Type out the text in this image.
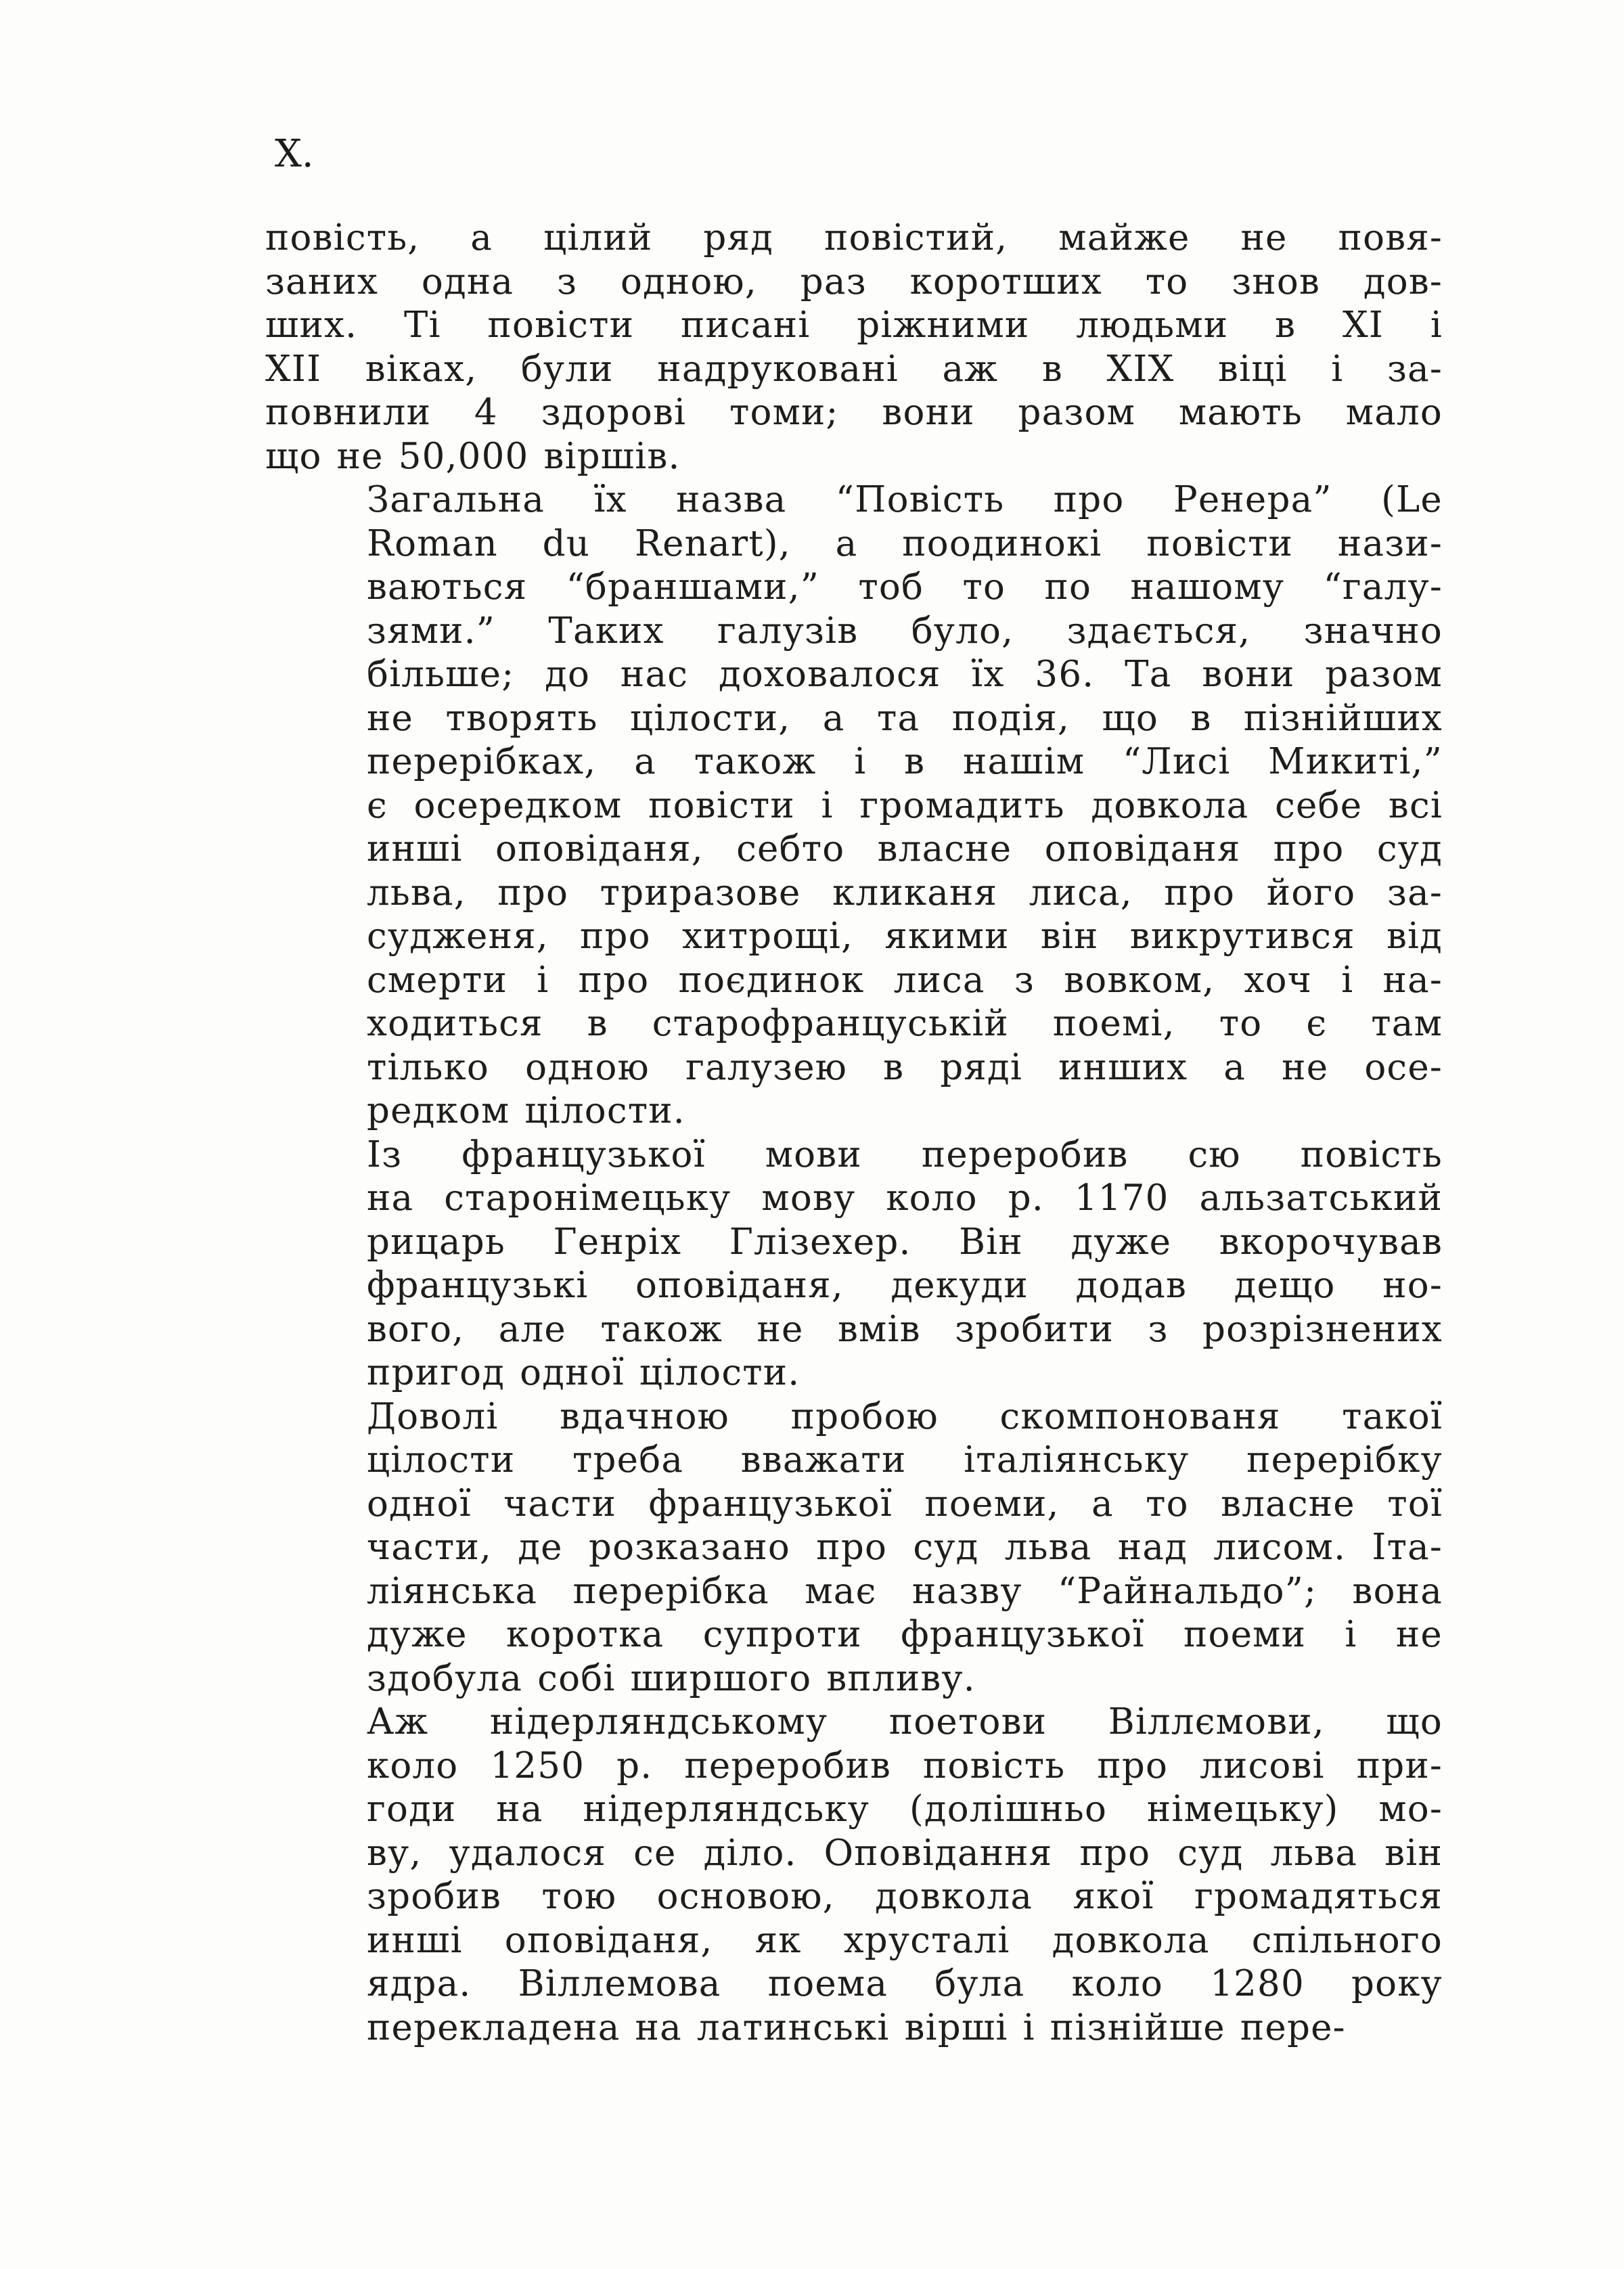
X.
повість, а цілий ряд повістий, майже не повя-
заних одна з одною, раз коротших то знов дов-
ших. Ті повісти писані ріжними людьми в XI і
XII віках, були надруковані аж в XIX віці і за-
повнили 4 здорові томи; вони разом мають мало
що не 50,000 віршів.
Загальна їх назва “Повість про Ренера” (Le
Roman du Renart), а поодинокі повісти нази-
ваються “браншами,” тоб то по нашому “галу-
зями.” Таких галузів було, здається, значно
більше; до нас доховалося їх 36. Та вони разом
не творять цілости, а та подія, що в пізнійших
перерібках, а також і в нашім “Лисі Микиті,”
є осередком повісти і громадить довкола себе всі
инші оповіданя, себто власне оповіданя про суд
льва, про триразове кликаня лиса, про його за-
судженя, про хитрощі, якими він викрутився від
смерти і про поєдинок лиса з вовком, хоч і на-
ходиться в старофранцуській поемі, то є там
тілько одною галузею в ряді инших а не осе-
редком цілости.
Із французької мови переробив сю повість
на старонімецьку мову коло р. 1170 альзатський
рицарь Генріх Глізехер. Він дуже вкорочував
французькі оповіданя, декуди додав дещо но-
вого, але також не вмів зробити з розрізнених
пригод одної цілости.
Доволі вдачною пробою скомпонованя такої
цілости треба вважати італіянську перерібку
одної части французької поеми, а то власне тої
части, де розказано про суд льва над лисом. Іта-
ліянська перерібка має назву “Райнальдо”; вона
дуже коротка супроти французької поеми і не
здобула собі ширшого впливу.
Аж нідерляндському поетови Віллємови, що
коло 1250 р. переробив повість про лисові при-
годи на нідерляндську (долішньо німецьку) мо-
ву, удалося се діло. Оповідання про суд льва він
зробив тою основою, довкола якої громадяться
инші оповіданя, як хрусталі довкола спільного
ядра. Віллемова поема була коло 1280 року
перекладена на латинські вірші і пізнійше пере-
